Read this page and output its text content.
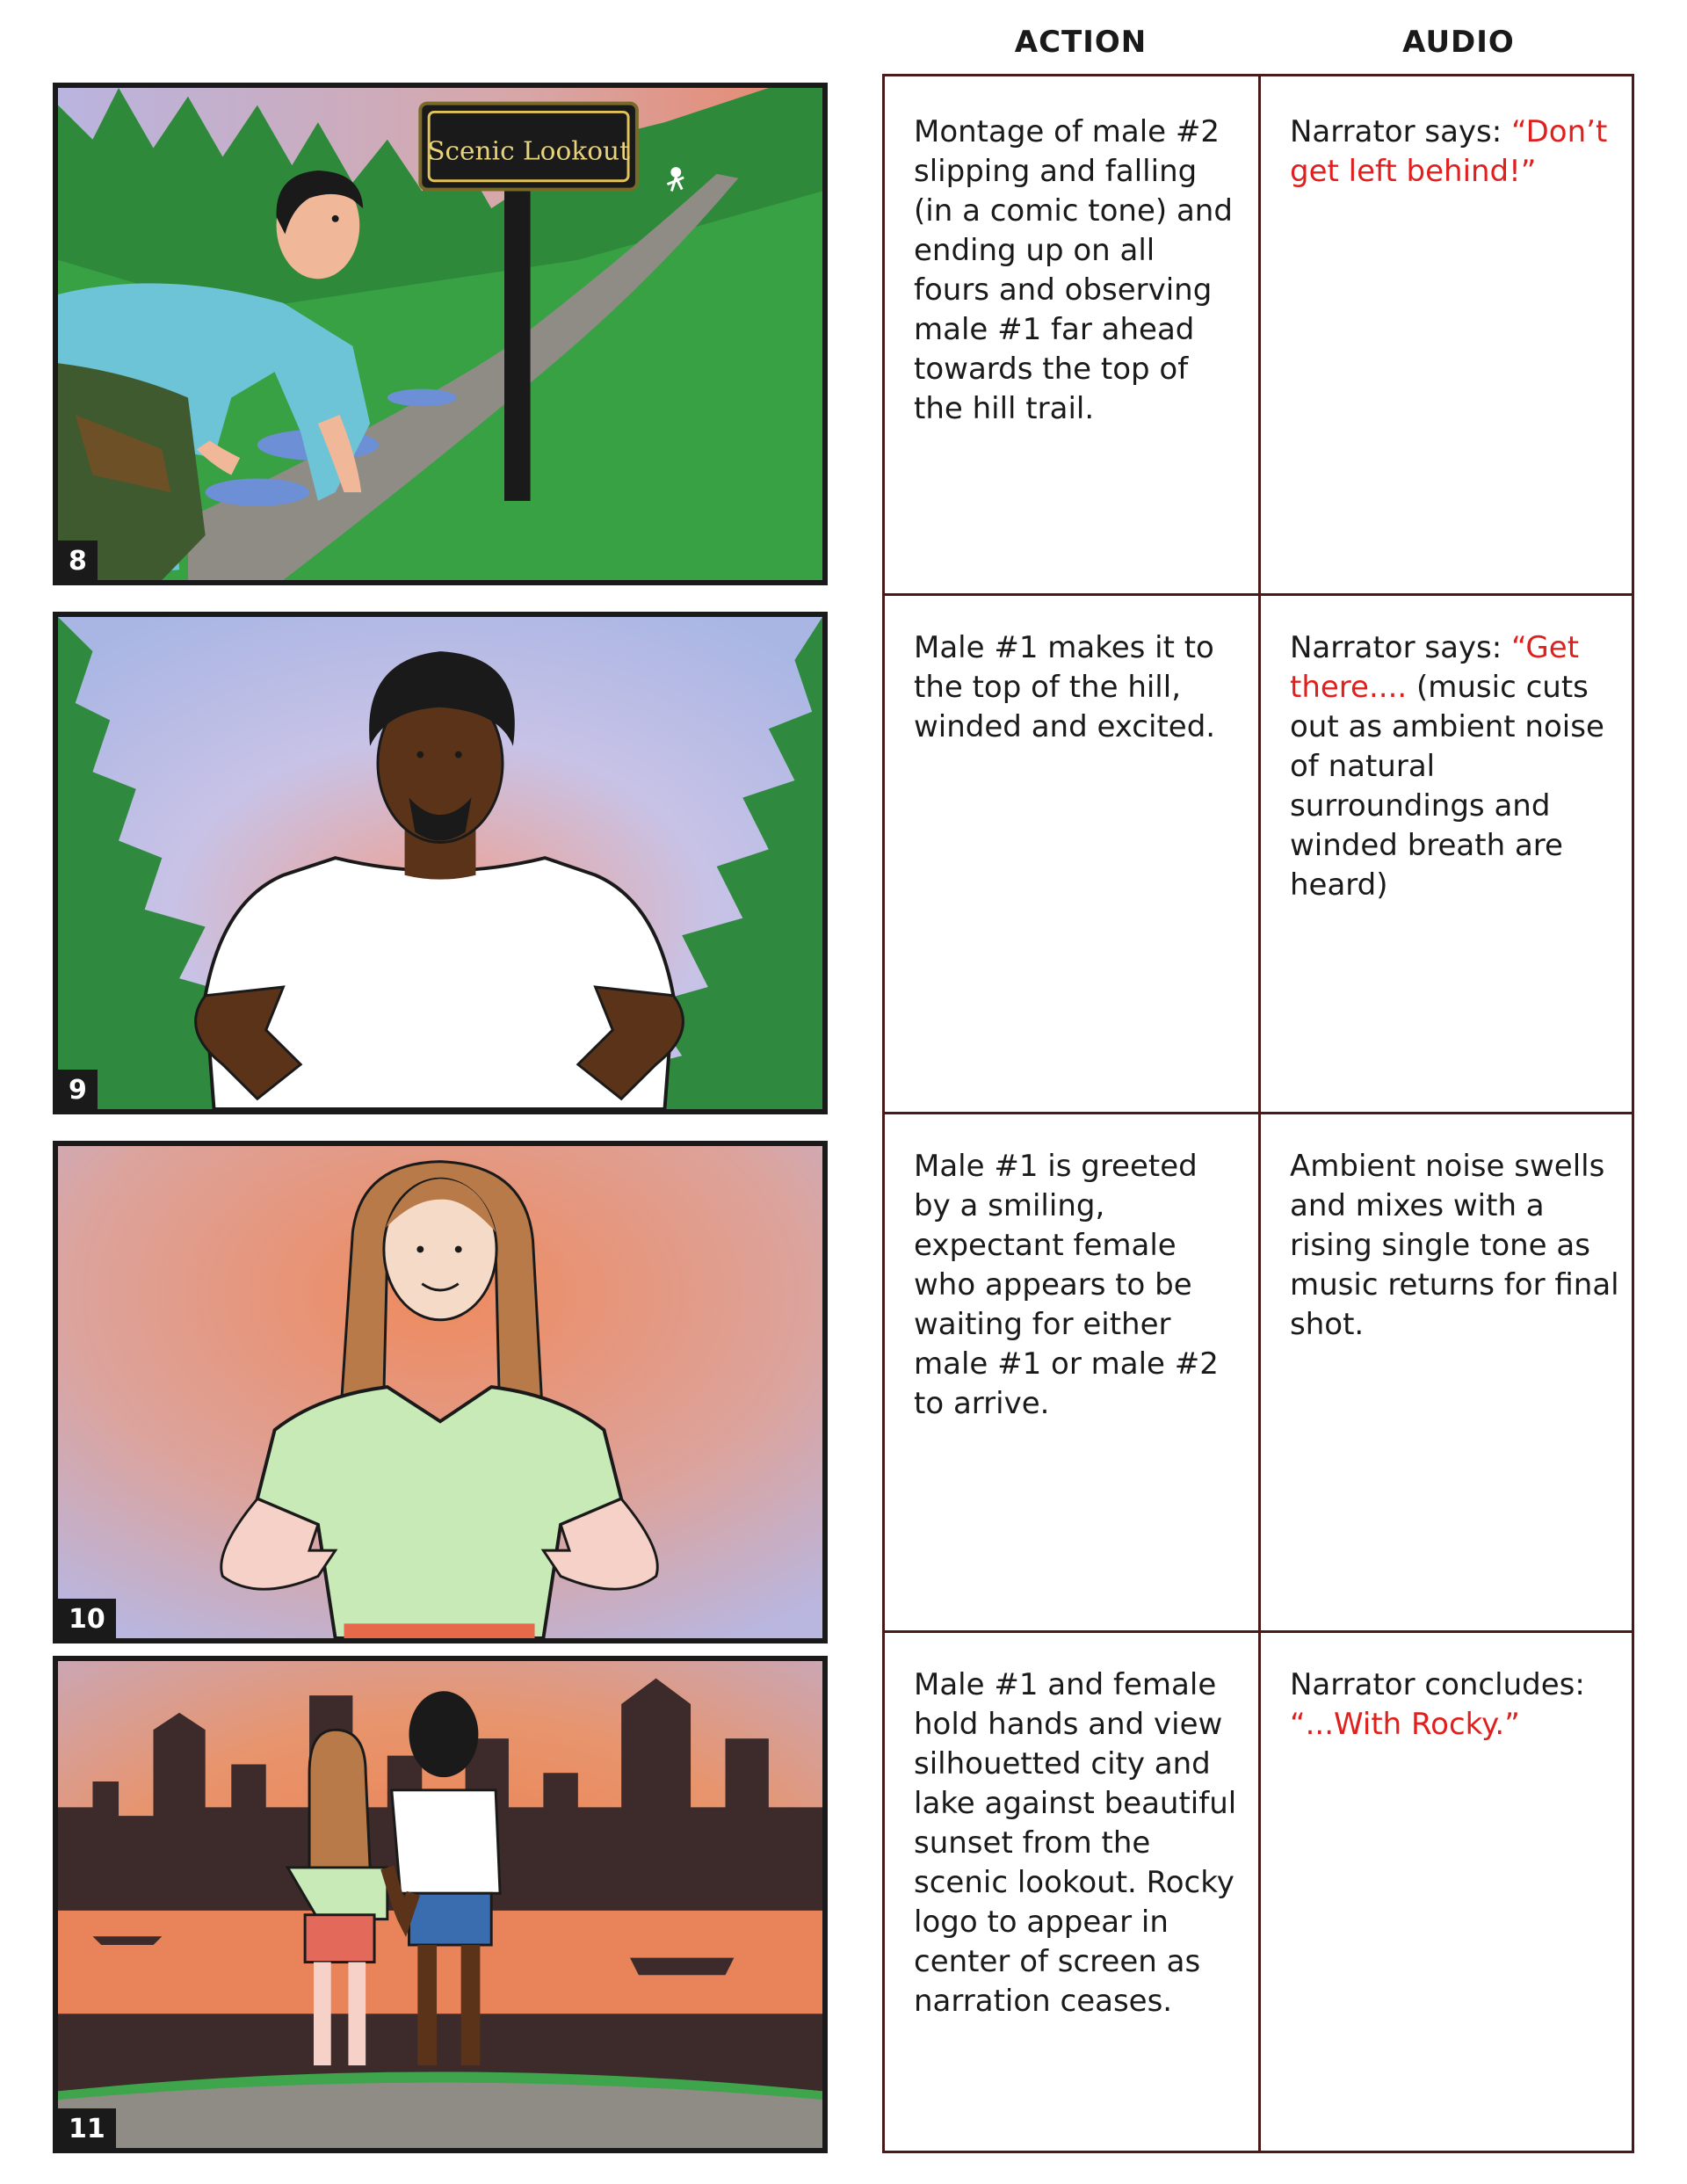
ACTION	AUDIO
Scenic Lookout
8
9
10
11
Montage of male #2 slipping and falling (in a comic tone) and ending up on all fours and observing male #1 far ahead towards the top of the hill trail.
Narrator says: “Don’t get left behind!”
Male #1 makes it to the top of the hill, winded and excited.
Narrator says: “Get there.... (music cuts out as ambient noise of natural surroundings and winded breath are heard)
Male #1 is greeted by a smiling, expectant female who appears to be waiting for either male #1 or male #2 to arrive.
Ambient noise swells and mixes with a rising single tone as music returns for final shot.
Male #1 and female hold hands and view silhouetted city and lake against beautiful sunset from the scenic lookout. Rocky logo to appear in center of screen as narration ceases.
Narrator concludes: “...With Rocky.”
